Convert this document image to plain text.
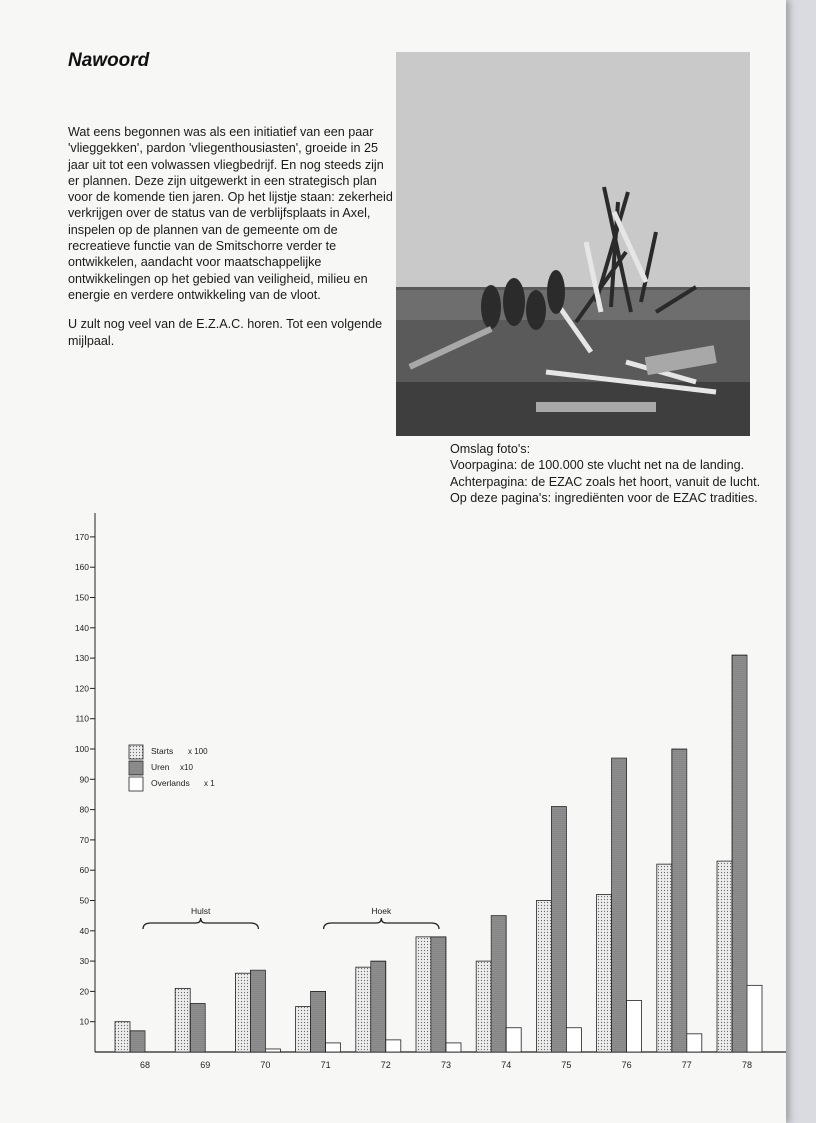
Nawoord

Wat eens begonnen was als een initiatief van een paar 'vlieggekken', pardon 'vliegenthousiasten', groeide in 25 jaar uit tot een volwassen vliegbedrijf. En nog steeds zijn er plannen. Deze zijn uitgewerkt in een strategisch plan voor de komende tien jaren. Op het lijstje staan: zekerheid verkrijgen over de status van de verblijfsplaats in Axel, inspelen op de plannen van de gemeente om de recreatieve functie van de Smitschorre verder te ontwikkelen, aandacht voor maatschappelijke ontwikkelingen op het gebied van veiligheid, milieu en energie en verdere ontwikkeling van de vloot.

U zult nog veel van de E.Z.A.C. horen. Tot een volgende mijlpaal.

Omslag foto's:
Voorpagina: de 100.000 ste vlucht net na de landing.
Achterpagina: de EZAC zoals het hoort, vanuit de lucht.
Op deze pagina's: ingrediënten voor de EZAC tradities.
10
20
30
40
50
60
70
80
90
100
110
120
130
140
150
160
170
68	69	70	71	72	73	74	75	76	77	78
Starts x 100
Uren x10
Overlands x 1
Hulst	Hoek
